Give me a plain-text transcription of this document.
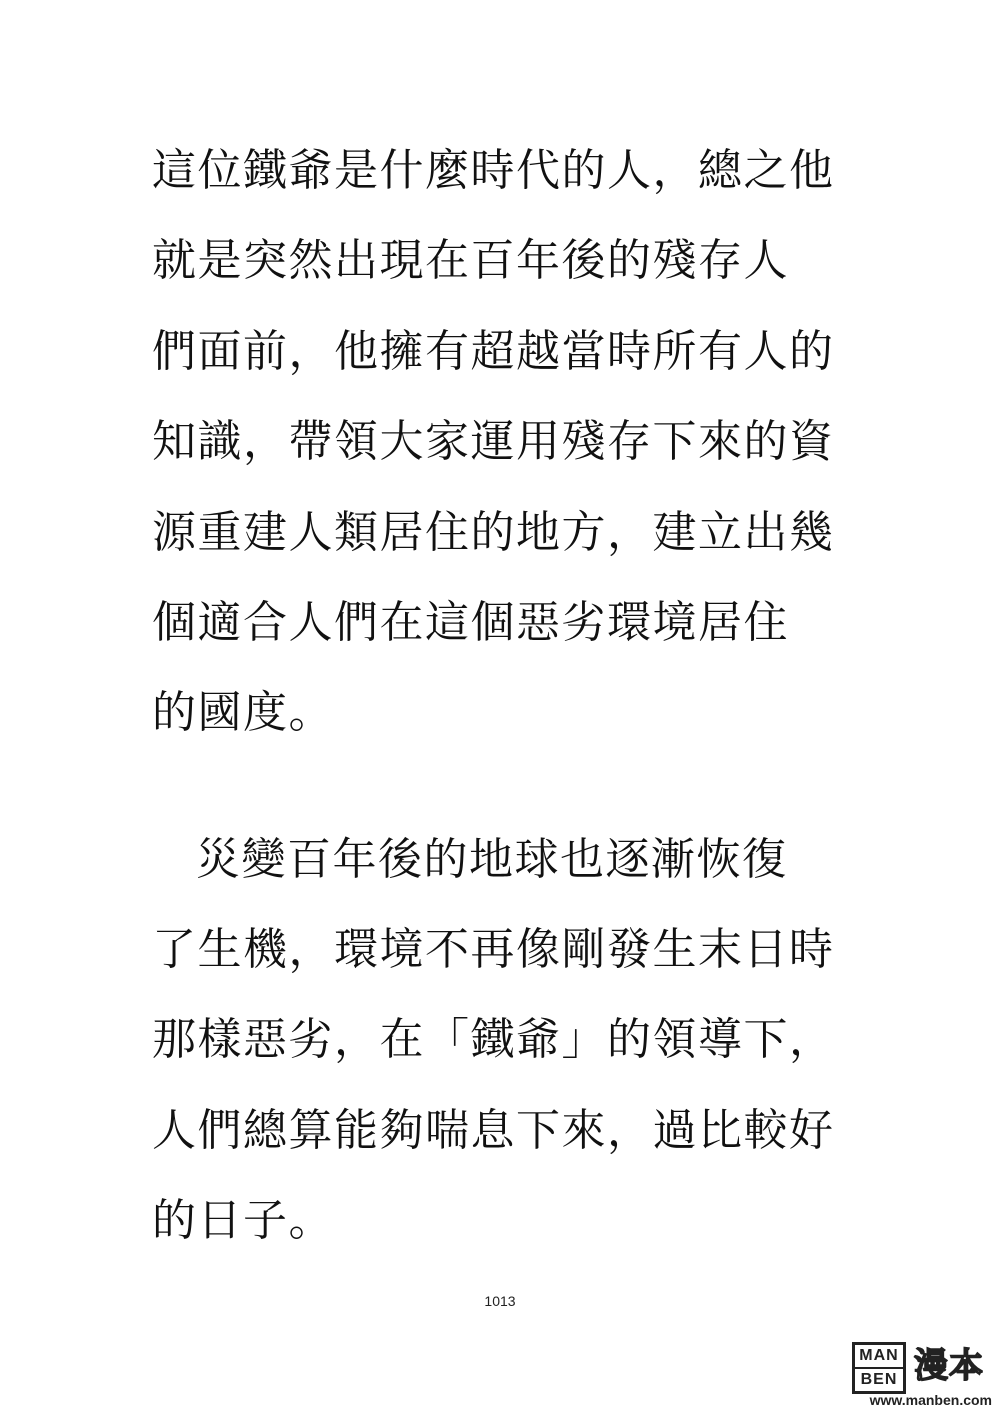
這位鐵爺是什麼時代的人，總之他
就是突然出現在百年後的殘存人
們面前，他擁有超越當時所有人的
知識，帶領大家運用殘存下來的資
源重建人類居住的地方，建立出幾
個適合人們在這個惡劣環境居住
的國度。
災變百年後的地球也逐漸恢復
了生機，環境不再像剛發生末日時
那樣惡劣，在「鐵爺」的領導下，
人們總算能夠喘息下來，過比較好
的日子。
1013
MAN
BEN 漫本
www.manben.com
